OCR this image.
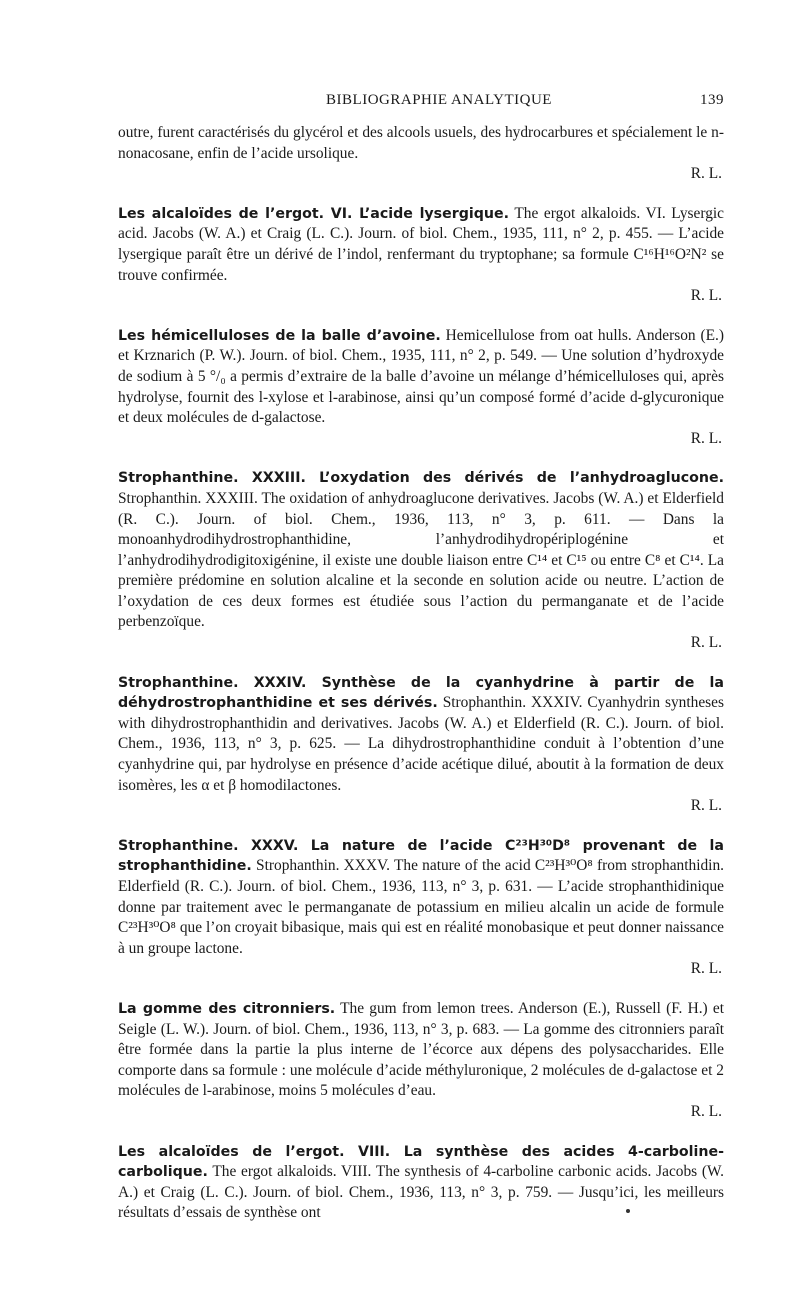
BIBLIOGRAPHIE ANALYTIQUE	139

outre, furent caractérisés du glycérol et des alcools usuels, des hydrocarbures et spécialement le n-nonacosane, enfin de l’acide ursolique.
R. L.

Les alcaloïdes de l’ergot. VI. L’acide lysergique. The ergot alkaloids. VI. Lysergic acid. Jacobs (W. A.) et Craig (L. C.). Journ. of biol. Chem., 1935, 111, n° 2, p. 455. — L’acide lysergique paraît être un dérivé de l’indol, renfermant du tryptophane; sa formule C¹⁶H¹⁶O²N² se trouve confirmée.
R. L.

Les hémicelluloses de la balle d’avoine. Hemicellulose from oat hulls. Anderson (E.) et Krznarich (P. W.). Journ. of biol. Chem., 1935, 111, n° 2, p. 549. — Une solution d’hydroxyde de sodium à 5 °/₀ a permis d’extraire de la balle d’avoine un mélange d’hémicelluloses qui, après hydrolyse, fournit des l-xylose et l-arabinose, ainsi qu’un composé formé d’acide d-glycuronique et deux molécules de d-galactose.
R. L.

Strophanthine. XXXIII. L’oxydation des dérivés de l’anhydroaglucone. Strophanthin. XXXIII. The oxidation of anhydroaglucone derivatives. Jacobs (W. A.) et Elderfield (R. C.). Journ. of biol. Chem., 1936, 113, n° 3, p. 611. — Dans la monoanhydrodihydrostrophanthidine, l’anhydrodihydropériplogénine et l’anhydrodihydrodigitoxigénine, il existe une double liaison entre C¹⁴ et C¹⁵ ou entre C⁸ et C¹⁴. La première prédomine en solution alcaline et la seconde en solution acide ou neutre. L’action de l’oxydation de ces deux formes est étudiée sous l’action du permanganate et de l’acide perbenzoïque.
R. L.

Strophanthine. XXXIV. Synthèse de la cyanhydrine à partir de la déhydrostrophanthidine et ses dérivés. Strophanthin. XXXIV. Cyanhydrin syntheses with dihydrostrophanthidin and derivatives. Jacobs (W. A.) et Elderfield (R. C.). Journ. of biol. Chem., 1936, 113, n° 3, p. 625. — La dihydrostrophanthidine conduit à l’obtention d’une cyanhydrine qui, par hydrolyse en présence d’acide acétique dilué, aboutit à la formation de deux isomères, les α et β homodilactones.
R. L.

Strophanthine. XXXV. La nature de l’acide C²³H³⁰D⁸ provenant de la strophanthidine. Strophanthin. XXXV. The nature of the acid C²³H³⁰O⁸ from strophanthidin. Elderfield (R. C.). Journ. of biol. Chem., 1936, 113, n° 3, p. 631. — L’acide strophanthidinique donne par traitement avec le permanganate de potassium en milieu alcalin un acide de formule C²³H³⁰O⁸ que l’on croyait bibasique, mais qui est en réalité monobasique et peut donner naissance à un groupe lactone.
R. L.

La gomme des citronniers. The gum from lemon trees. Anderson (E.), Russell (F. H.) et Seigle (L. W.). Journ. of biol. Chem., 1936, 113, n° 3, p. 683. — La gomme des citronniers paraît être formée dans la partie la plus interne de l’écorce aux dépens des polysaccharides. Elle comporte dans sa formule : une molécule d’acide méthyluronique, 2 molécules de d-galactose et 2 molécules de l-arabinose, moins 5 molécules d’eau.
R. L.

Les alcaloïdes de l’ergot. VIII. La synthèse des acides 4-carboline-carbolique. The ergot alkaloids. VIII. The synthesis of 4-carboline carbonic acids. Jacobs (W. A.) et Craig (L. C.). Journ. of biol. Chem., 1936, 113, n° 3, p. 759. — Jusqu’ici, les meilleurs résultats d’essais de synthèse ont
